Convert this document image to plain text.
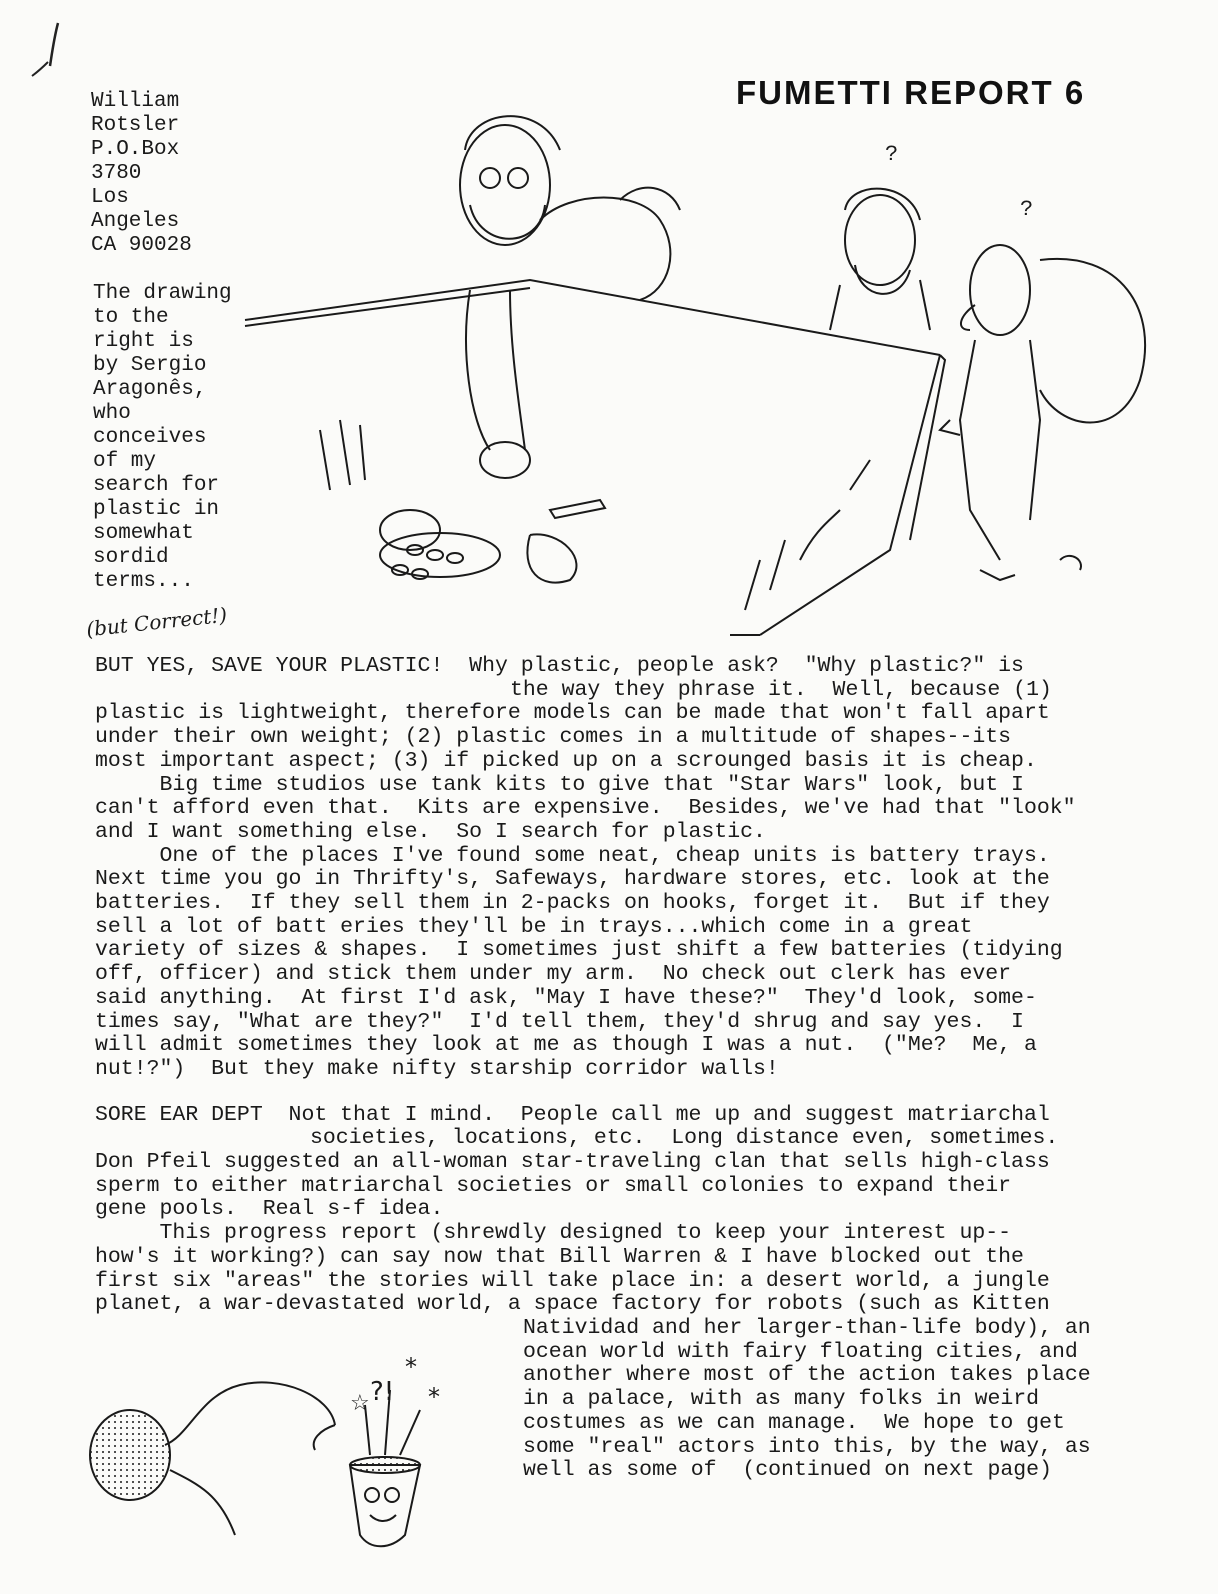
FUMETTI REPORT 6
William
Rotsler
P.O.Box
3780
Los
Angeles
CA 90028
The drawing
to the
right is
by Sergio
Aragonês,
who
conceives
of my
search for
plastic in
somewhat
sordid
terms...
(but Correct!)
?
?
BUT YES, SAVE YOUR PLASTIC! Why plastic, people ask?  "Why plastic?" is
the way they phrase it.  Well, because (1)
plastic is lightweight, therefore models can be made that won't fall apart
under their own weight; (2) plastic comes in a multitude of shapes--its
most important aspect; (3) if picked up on a scrounged basis it is cheap.
Big time studios use tank kits to give that "Star Wars" look, but I
can't afford even that.  Kits are expensive.  Besides, we've had that "look"
and I want something else.  So I search for plastic.
One of the places I've found some neat, cheap units is battery trays.
Next time you go in Thrifty's, Safeways, hardware stores, etc. look at the
batteries.  If they sell them in 2-packs on hooks, forget it.  But if they
sell a lot of batt eries they'll be in trays...which come in a great
variety of sizes & shapes.  I sometimes just shift a few batteries (tidying
off, officer) and stick them under my arm.  No check out clerk has ever
said anything.  At first I'd ask, "May I have these?"  They'd look, some-
times say, "What are they?"  I'd tell them, they'd shrug and say yes.  I
will admit sometimes they look at me as though I was a nut.  ("Me?  Me, a
nut!?")  But they make nifty starship corridor walls!
SORE EAR DEPT Not that I mind.  People call me up and suggest matriarchal
societies, locations, etc.  Long distance even, sometimes.
Don Pfeil suggested an all-woman star-traveling clan that sells high-class
sperm to either matriarchal societies or small colonies to expand their
gene pools.  Real s-f idea.
This progress report (shrewdly designed to keep your interest up--
how's it working?) can say now that Bill Warren & I have blocked out the
first six "areas" the stories will take place in: a desert world, a jungle
planet, a war-devastated world, a space factory for robots (such as Kitten
Natividad and her larger-than-life body), an
ocean world with fairy floating cities, and
another where most of the action takes place
in a palace, with as many folks in weird
costumes as we can manage.  We hope to get
some "real" actors into this, by the way, as
well as some of  (continued on next page)
?!
*
*
☆
